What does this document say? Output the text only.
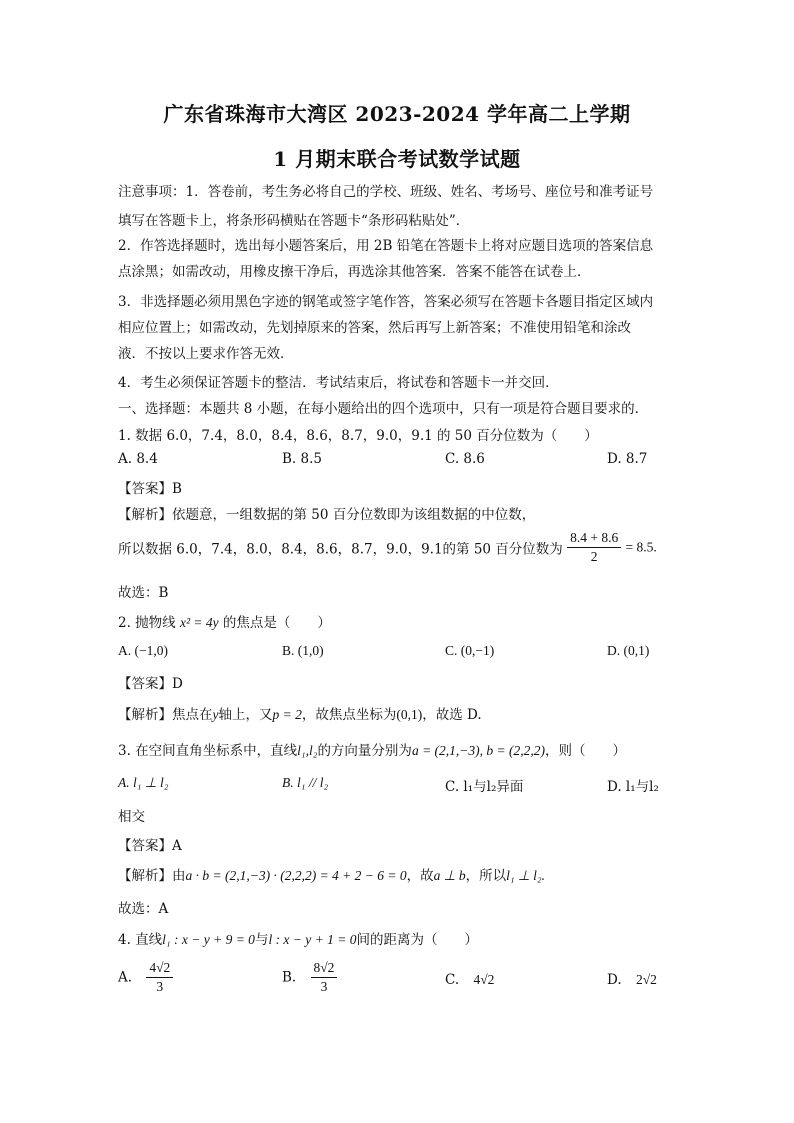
广东省珠海市大湾区 2023-2024 学年高二上学期
1 月期末联合考试数学试题
注意事项：1．答卷前，考生务必将自己的学校、班级、姓名、考场号、座位号和准考证号
填写在答题卡上，将条形码横贴在答题卡“条形码粘贴处”．
2．作答选择题时，选出每小题答案后，用 2B 铅笔在答题卡上将对应题目选项的答案信息
点涂黑；如需改动，用橡皮擦干净后，再选涂其他答案．答案不能答在试卷上．
3．非选择题必须用黑色字迹的钢笔或签字笔作答，答案必须写在答题卡各题目指定区域内
相应位置上；如需改动，先划掉原来的答案，然后再写上新答案；不准使用铅笔和涂改
液．不按以上要求作答无效．
4．考生必须保证答题卡的整洁．考试结束后，将试卷和答题卡一并交回．
一、选择题：本题共 8 小题，在每小题给出的四个选项中，只有一项是符合题目要求的．
1. 数据 6.0，7.4，8.0，8.4，8.6，8.7，9.0，9.1 的 50 百分位数为（　　）
A. 8.4	B. 8.5	C. 8.6	D. 8.7
【答案】B
【解析】依题意，一组数据的第 50 百分位数即为该组数据的中位数，
所以数据 6.0，7.4，8.0，8.4，8.6，8.7，9.0，9.1的第 50 百分位数为 $\frac{8.4 + 8.6}{2} = 8.5$.
故选：B
2. 抛物线 x² = 4y 的焦点是（　　）
A. (−1,0)	B. (1,0)	C. (0,−1)	D. (0,1)
【答案】D
【解析】焦点在y轴上，又p = 2，故焦点坐标为(0,1)，故选 D.
3. 在空间直角坐标系中，直线l₁,l₂的方向量分别为a = (2,1,−3), b = (2,2,2)，则（　　）
A. l₁ ⊥ l₂	B. l₁ // l₂	C. l₁与l₂异面	D. l₁与l₂
相交
【答案】A
【解析】由a · b = (2,1,−3) · (2,2,2) = 4 + 2 − 6 = 0，故a ⊥ b，所以l₁ ⊥ l₂.
故选：A
4. 直线l₁ : x − y + 9 = 0与l : x − y + 1 = 0间的距离为（　　）
A. $\frac{4√2}{3}$	B. $\frac{8√2}{3}$	C. 4√2	D. 2√2
